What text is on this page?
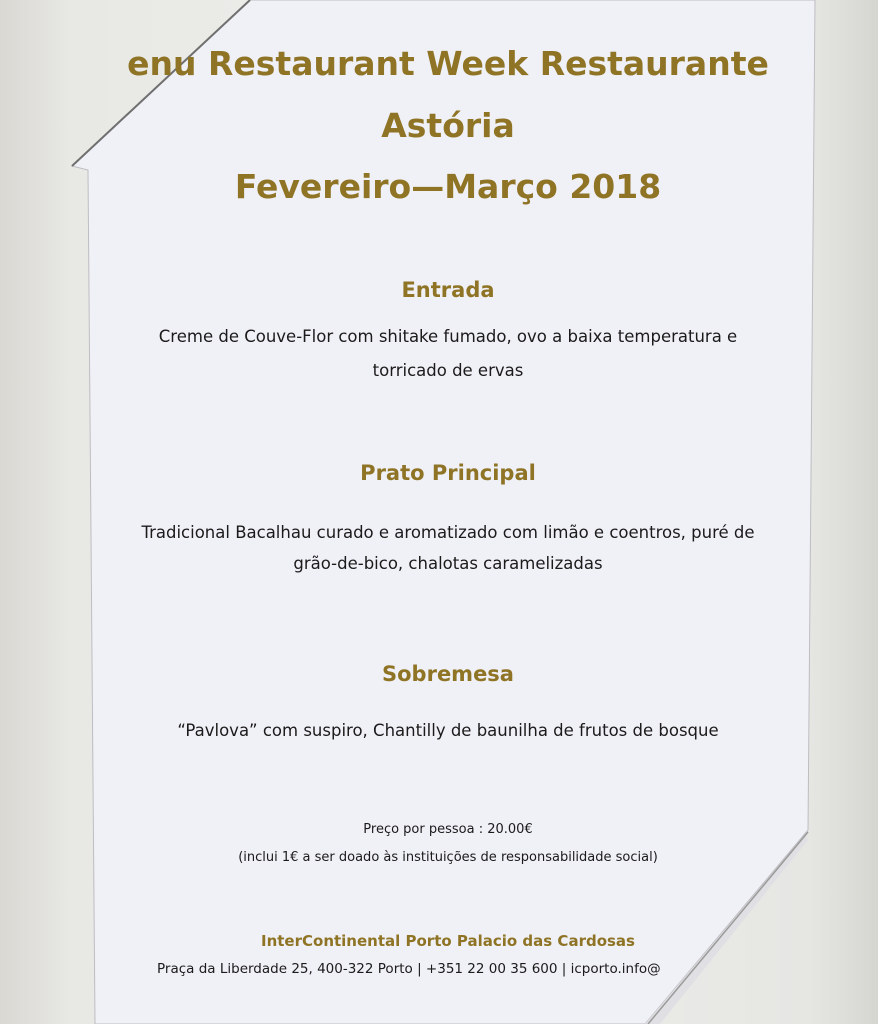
enu Restaurant Week Restaurante
Astória
Fevereiro—Março 2018
Entrada
Creme de Couve-Flor com shitake fumado, ovo a baixa temperatura e
torricado de ervas
Prato Principal
Tradicional Bacalhau curado e aromatizado com limão e coentros, puré de
grão-de-bico, chalotas caramelizadas
Sobremesa
“Pavlova” com suspiro, Chantilly de baunilha de frutos de bosque
Preço por pessoa : 20.00€
(inclui 1€ a ser doado às instituições de responsabilidade social)
InterContinental Porto Palacio das Cardosas
Praça da Liberdade 25, 400-322 Porto | +351 22 00 35 600 | icporto.info@
